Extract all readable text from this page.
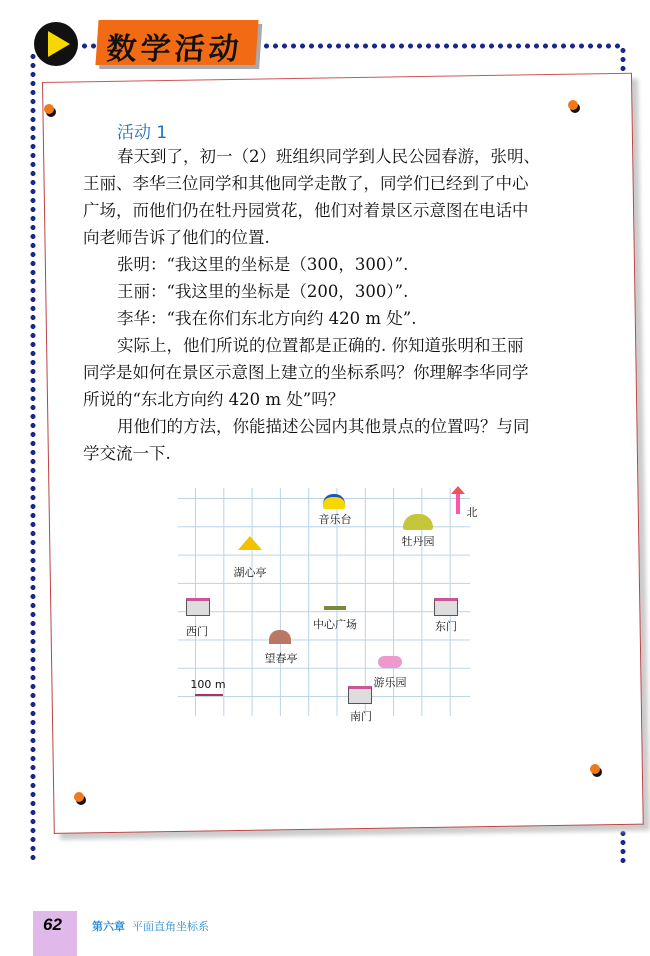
数学活动
活动 1
春天到了，初一（2）班组织同学到人民公园春游，张明、
王丽、李华三位同学和其他同学走散了，同学们已经到了中心
广场，而他们仍在牡丹园赏花，他们对着景区示意图在电话中
向老师告诉了他们的位置.
张明：“我这里的坐标是（300，300）”.
王丽：“我这里的坐标是（200，300）”.
李华：“我在你们东北方向约 420 m 处”.
实际上，他们所说的位置都是正确的. 你知道张明和王丽
同学是如何在景区示意图上建立的坐标系吗？你理解李华同学
所说的“东北方向约 420 m 处”吗？
用他们的方法，你能描述公园内其他景点的位置吗？与同
学交流一下.
音乐台
牡丹园
湖心亭
西门
中心广场	东门
望春亭
游乐园
南门
北
100 m
62	第六章 平面直角坐标系
